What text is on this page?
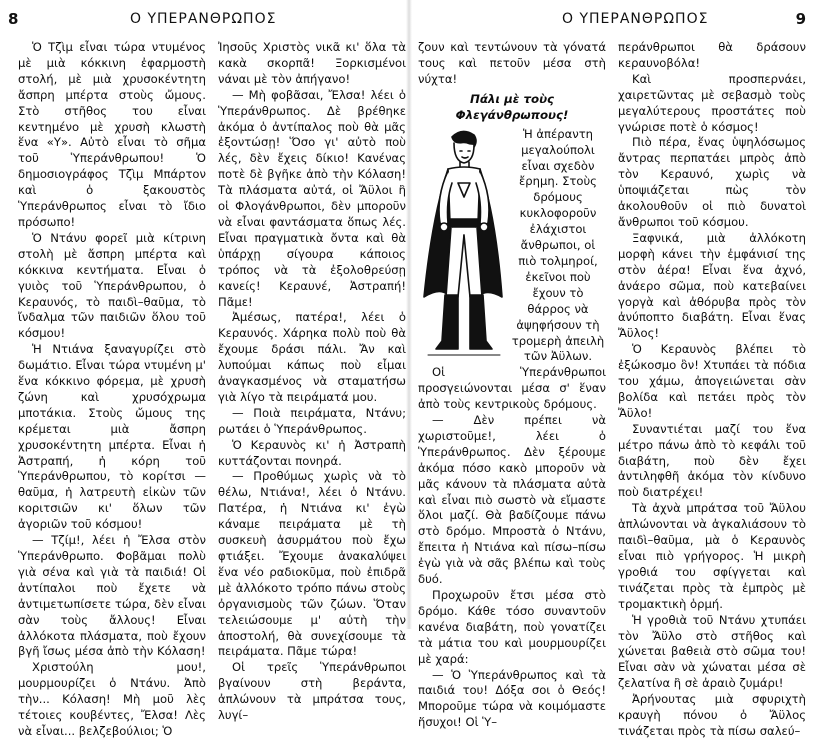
8	Ο ΥΠΕΡΑΝΘΡΩΠΟΣ

Ὁ Τζὶμ εἶναι τώρα ντυμένος μὲ μιὰ κόκκινη ἐφαρμοστὴ στολή, μὲ μιὰ χρυσοκέντητη ἄσπρη μπέρτα στοὺς ὤμους. Στὸ στῆθος του εἶναι κεντημένο μὲ χρυσὴ κλωστὴ ἕνα «Υ». Αὐτὸ εἶναι τὸ σῆμα τοῦ Ὑπεράνθρωπου! Ὁ δημοσιογράφος Τζὶμ Μπάρτον καὶ ὁ ξακουστὸς Ὑπεράνθρωπος εἶναι τὸ ἴδιο πρόσωπο!

Ὁ Ντάνυ φορεῖ μιὰ κίτρινη στολὴ μὲ ἄσπρη μπέρτα καὶ κόκκινα κεντήματα. Εἶναι ὁ γυιὸς τοῦ Ὑπεράνθρωπου, ὁ Κεραυνός, τὸ παιδὶ–θαῦμα, τὸ ἴνδαλμα τῶν παιδιῶν ὅλου τοῦ κόσμου!

Ἡ Ντιάνα ξαναγυρίζει στὸ δωμάτιο. Εἶναι τώρα ντυμένη μ' ἕνα κόκκινο φόρεμα, μὲ χρυσὴ ζώνη καὶ χρυσόχρωμα μποτάκια. Στοὺς ὤμους της κρέμεται μιὰ ἄσπρη χρυσοκέντητη μπέρτα. Εἶναι ἡ Ἀστραπή, ἡ κόρη τοῦ Ὑπεράνθρωπου, τὸ κορίτσι — θαῦμα, ἡ λατρευτὴ εἰκὼν τῶν κοριτσιῶν κι' ὅλων τῶν ἀγοριῶν τοῦ κόσμου!

— Τζίμ!, λέει ἡ Ἔλσα στὸν Ὑπεράνθρωπο. Φοβᾶμαι πολὺ γιὰ σένα καὶ γιὰ τὰ παιδιά! Οἱ ἀντίπαλοι ποὺ ἔχετε νὰ ἀντιμετωπίσετε τώρα, δὲν εἶναι σὰν τοὺς ἄλλους! Εἶναι ἀλλόκοτα πλάσματα, ποὺ ἔχουν βγῆ ἴσως μέσα ἀπὸ τὴν Κόλαση!

Χριστούλη μου!, μουρμουρίζει ὁ Ντάνυ. Ἀπὸ τὴν... Κόλαση! Μὴ μοῦ λὲς τέτοιες κουβέντες, Ἔλσα! Λὲς νὰ εἶναι... βελζεβούλιοι; Ὁ

Ἰησοῦς Χριστὸς νικᾶ κι' ὅλα τὰ κακὰ σκορπᾶ! Ξορκισμένοι νάναι μὲ τὸν ἀπήγανο!

— Μὴ φοβᾶσαι, Ἔλσα! λέει ὁ Ὑπεράνθρωπος. Δὲ βρέθηκε ἀκόμα ὁ ἀντίπαλος ποὺ θὰ μᾶς ἐξοντώσῃ! Ὅσο γι' αὐτὸ ποὺ λές, δὲν ἔχεις δίκιο! Κανένας ποτὲ δὲ βγῆκε ἀπὸ τὴν Κόλαση! Τὰ πλάσματα αὐτά, οἱ Ἄϋλοι ἢ οἱ Φλογάνθρωποι, δὲν μποροῦν νὰ εἶναι φαντάσματα ὅπως λές. Εἶναι πραγματικὰ ὄντα καὶ θὰ ὑπάρχῃ σίγουρα κάποιος τρόπος νὰ τὰ ἐξολοθρεύσῃ κανείς! Κεραυνέ, Ἀστραπή! Πᾶμε!

Ἀμέσως, πατέρα!, λέει ὁ Κεραυνός. Χάρηκα πολὺ ποὺ θὰ ἔχουμε δράσι πάλι. Ἄν καὶ λυπούμαι κάπως ποὺ εἶμαι ἀναγκασμένος νὰ σταματήσω γιὰ λίγο τὰ πειράματά μου.

— Ποιὰ πειράματα, Ντάνυ; ρωτάει ὁ Ὑπεράνθρωπος.

Ὁ Κεραυνὸς κι' ἡ Ἀστραπὴ κυττάζονται πονηρά.

— Προθύμως χωρὶς νὰ τὸ θέλω, Ντιάνα!, λέει ὁ Ντάνυ. Πατέρα, ἡ Ντιάνα κι' ἐγὼ κάναμε πειράματα μὲ τὴ συσκευὴ ἀσυρμάτου ποὺ ἔχω φτιάξει. Ἔχουμε ἀνακαλύψει ἕνα νέο ραδιοκῦμα, ποὺ ἐπιδρᾶ μὲ ἀλλόκοτο τρόπο πάνω στοὺς ὀργανισμοὺς τῶν ζώων. Ὅταν τελειώσουμε μ' αὐτὴ τὴν ἀποστολή, θὰ συνεχίσουμε τὰ πειράματα. Πᾶμε τώρα!

Οἱ τρεῖς Ὑπεράνθρωποι βγαίνουν στὴ βεράντα, ἀπλώνουν τὰ μπράτσα τους, λυγί–

Ο ΥΠΕΡΑΝΘΡΩΠΟΣ	9

ζουν καὶ τεντώνουν τὰ γόνατά τους καὶ πετοῦν μέσα στὴ νύχτα!

Πάλι μὲ τοὺς Φλεγάνθρωπους!

Ἡ ἀπέραντη μεγαλούπολι εἶναι σχεδὸν ἔρημη. Στοὺς δρόμους κυκλοφοροῦν ἐλάχιστοι ἄνθρωποι, οἱ πιὸ τολμηροί, ἐκεῖνοι ποὺ ἔχουν τὸ θάρρος νὰ ἀψηφήσουν τὴ τρομερὴ ἀπειλὴ τῶν Ἀϋλων.

Οἱ Ὑπεράνθρωποι προσγειώνονται μέσα σ' ἕναν ἀπὸ τοὺς κεντρικοὺς δρόμους.

— Δὲν πρέπει νὰ χωριστοῦμε!, λέει ὁ Ὑπεράνθρωπος. Δὲν ξέρουμε ἀκόμα πόσο κακὸ μποροῦν νὰ μᾶς κάνουν τὰ πλάσματα αὐτὰ καὶ εἶναι πιὸ σωστὸ νὰ εἴμαστε ὅλοι μαζί. Θὰ βαδίζουμε πάνω στὸ δρόμο. Μπροστὰ ὁ Ντάνυ, ἔπειτα ἡ Ντιάνα καὶ πίσω–πίσω ἐγὼ γιὰ νὰ σᾶς βλέπω καὶ τοὺς δυό.

Προχωροῦν ἔτσι μέσα στὸ δρόμο. Κάθε τόσο συναντοῦν κανένα διαβάτη, ποὺ γονατίζει τὰ μάτια του καὶ μουρμουρίζει μὲ χαρά:

— Ὁ Ὑπεράνθρωπος καὶ τὰ παιδιά του! Δόξα σοι ὁ Θεός! Μποροῦμε τώρα νὰ κοιμόμαστε ἥσυχοι! Οἱ Ὑ–

περάνθρωποι θὰ δράσουν κεραυνοβόλα!

Καὶ προσπερνάει, χαιρετῶντας μὲ σεβασμὸ τοὺς μεγαλύτερους προστάτες ποὺ γνώρισε ποτὲ ὁ κόσμος!

Πιὸ πέρα, ἕνας ὑψηλόσωμος ἄντρας περπατάει μπρὸς ἀπὸ τὸν Κεραυνό, χωρὶς νὰ ὑποψιάζεται πὼς τὸν ἀκολουθοῦν οἱ πιὸ δυνατοὶ ἄνθρωποι τοῦ κόσμου.

Ξαφνικά, μιὰ ἀλλόκοτη μορφὴ κάνει τὴν ἐμφάνισί της στὸν ἀέρα! Εἶναι ἕνα ἀχνό, ἀνάερο σῶμα, ποὺ κατεβαίνει γοργὰ καὶ ἀθόρυβα πρὸς τὸν ἀνύποπτο διαβάτη. Εἶναι ἕνας Ἄϋλος!

Ὁ Κεραυνὸς βλέπει τὸ ἐξώκοσμο ὂν! Χτυπάει τὰ πόδια του χάμω, ἀπογειώνεται σὰν βολίδα καὶ πετάει πρὸς τὸν Ἄϋλο!

Συναντιέται μαζί του ἕνα μέτρο πάνω ἀπὸ τὸ κεφάλι τοῦ διαβάτη, ποὺ δὲν ἔχει ἀντιληφθῆ ἀκόμα τὸν κίνδυνο ποὺ διατρέχει!

Τὰ ἀχνὰ μπράτσα τοῦ Ἄϋλου ἁπλώνονται νὰ ἀγκαλιάσουν τὸ παιδὶ–θαῦμα, μὰ ὁ Κεραυνὸς εἶναι πιὸ γρήγορος. Ἡ μικρὴ γροθιά του σφίγγεται καὶ τινάζεται πρὸς τὰ ἐμπρὸς μὲ τρομακτικὴ ὁρμή.

Ἡ γροθιὰ τοῦ Ντάνυ χτυπάει τὸν Ἄϋλο στὸ στῆθος καὶ χώνεται βαθειὰ στὸ σῶμα του! Εἶναι σὰν νὰ χώναται μέσα σὲ ζελατίνα ἢ σὲ ἀραιὸ ζυμάρι!

Ἀρήνουτας μιὰ σφυριχτὴ κραυγὴ πόνου ὁ Ἄϋλος τινάζεται πρὸς τὰ πίσω σαλεύ–
